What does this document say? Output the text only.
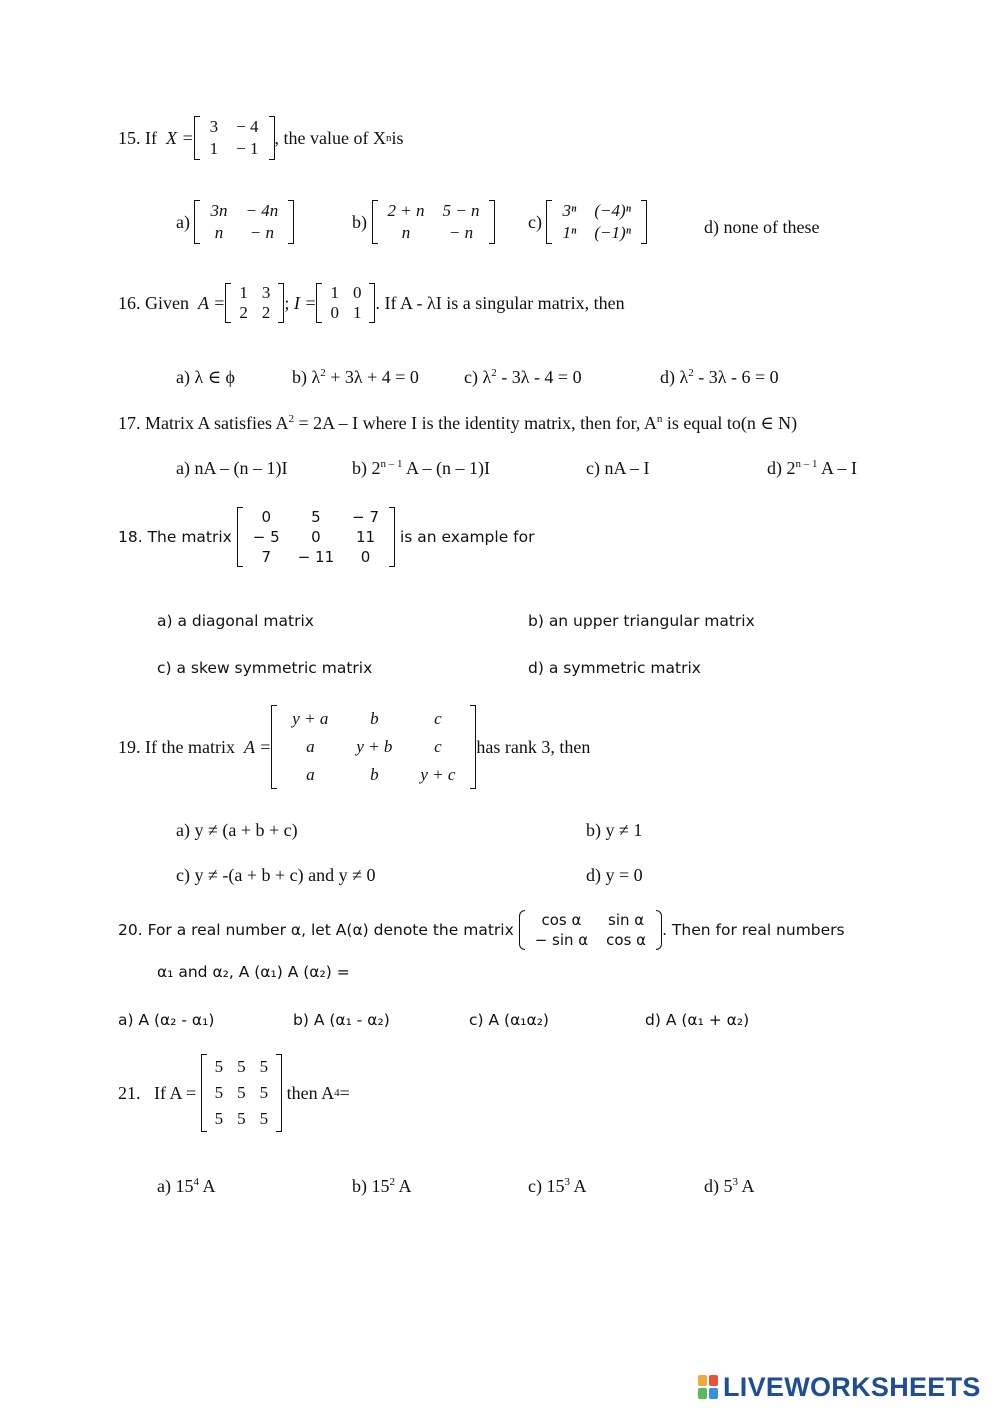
15.
If
X =
3	− 4
1	− 1
, the value of X n is
a)

3n	− 4n
n	− n
b)

2 + n	5 − n
n	− n
c)

3ⁿ	(−4)ⁿ
1ⁿ	(−1)ⁿ	d) none of these
16.
Given
A = 1	3
2	2 ;
I = 1	0
0	1 . If A - λI is a singular matrix, then
a) λ ∈ ϕ	b) $\lambda^2 + 3\lambda + 4 = 0$	c) $\lambda^2 - 3\lambda - 4 = 0$	d) $\lambda^2 - 3\lambda - 6 = 0$
17. Matrix A satisfies $A^2 = 2A - I$ where I is the identity matrix, then for, $A^n$ is equal to(n ∈ N)
a) nA – (n – 1)I	b) 2$^{n - 1}$ A – (n – 1)I	c) nA – I	d) 2$^{n - 1}$ A – I
18. The matrix

0	5	− 7
− 5	0	11
7	− 11	0

is an example for
a) a diagonal matrix	b) an upper triangular matrix
c) a skew symmetric matrix	d) a symmetric matrix
19. If the matrix
A =
y + a	b	c
a	y + b	c
a	b	y + c
has rank 3, then
a) y ≠ (a + b + c)	b) y ≠ 1
c) y ≠ -(a + b + c) and y ≠ 0	d) y = 0
20. For a real number α, let A(α) denote the matrix

cos α	sin α
− sin α	cos α
. Then for real numbers
α₁ and α₂, A (α₁) A (α₂) =
a) A (α₂ - α₁)	b) A (α₁ - α₂)	c) A (α₁α₂)	d) A (α₁ + α₂)
21.   If A =

5	5	5
5	5	5
5	5	5

then A 4 =
a) $15^4$ A	b) $15^2$ A	c) $15^3$ A	d) $5^3$ A
LIVEWORKSHEETS
